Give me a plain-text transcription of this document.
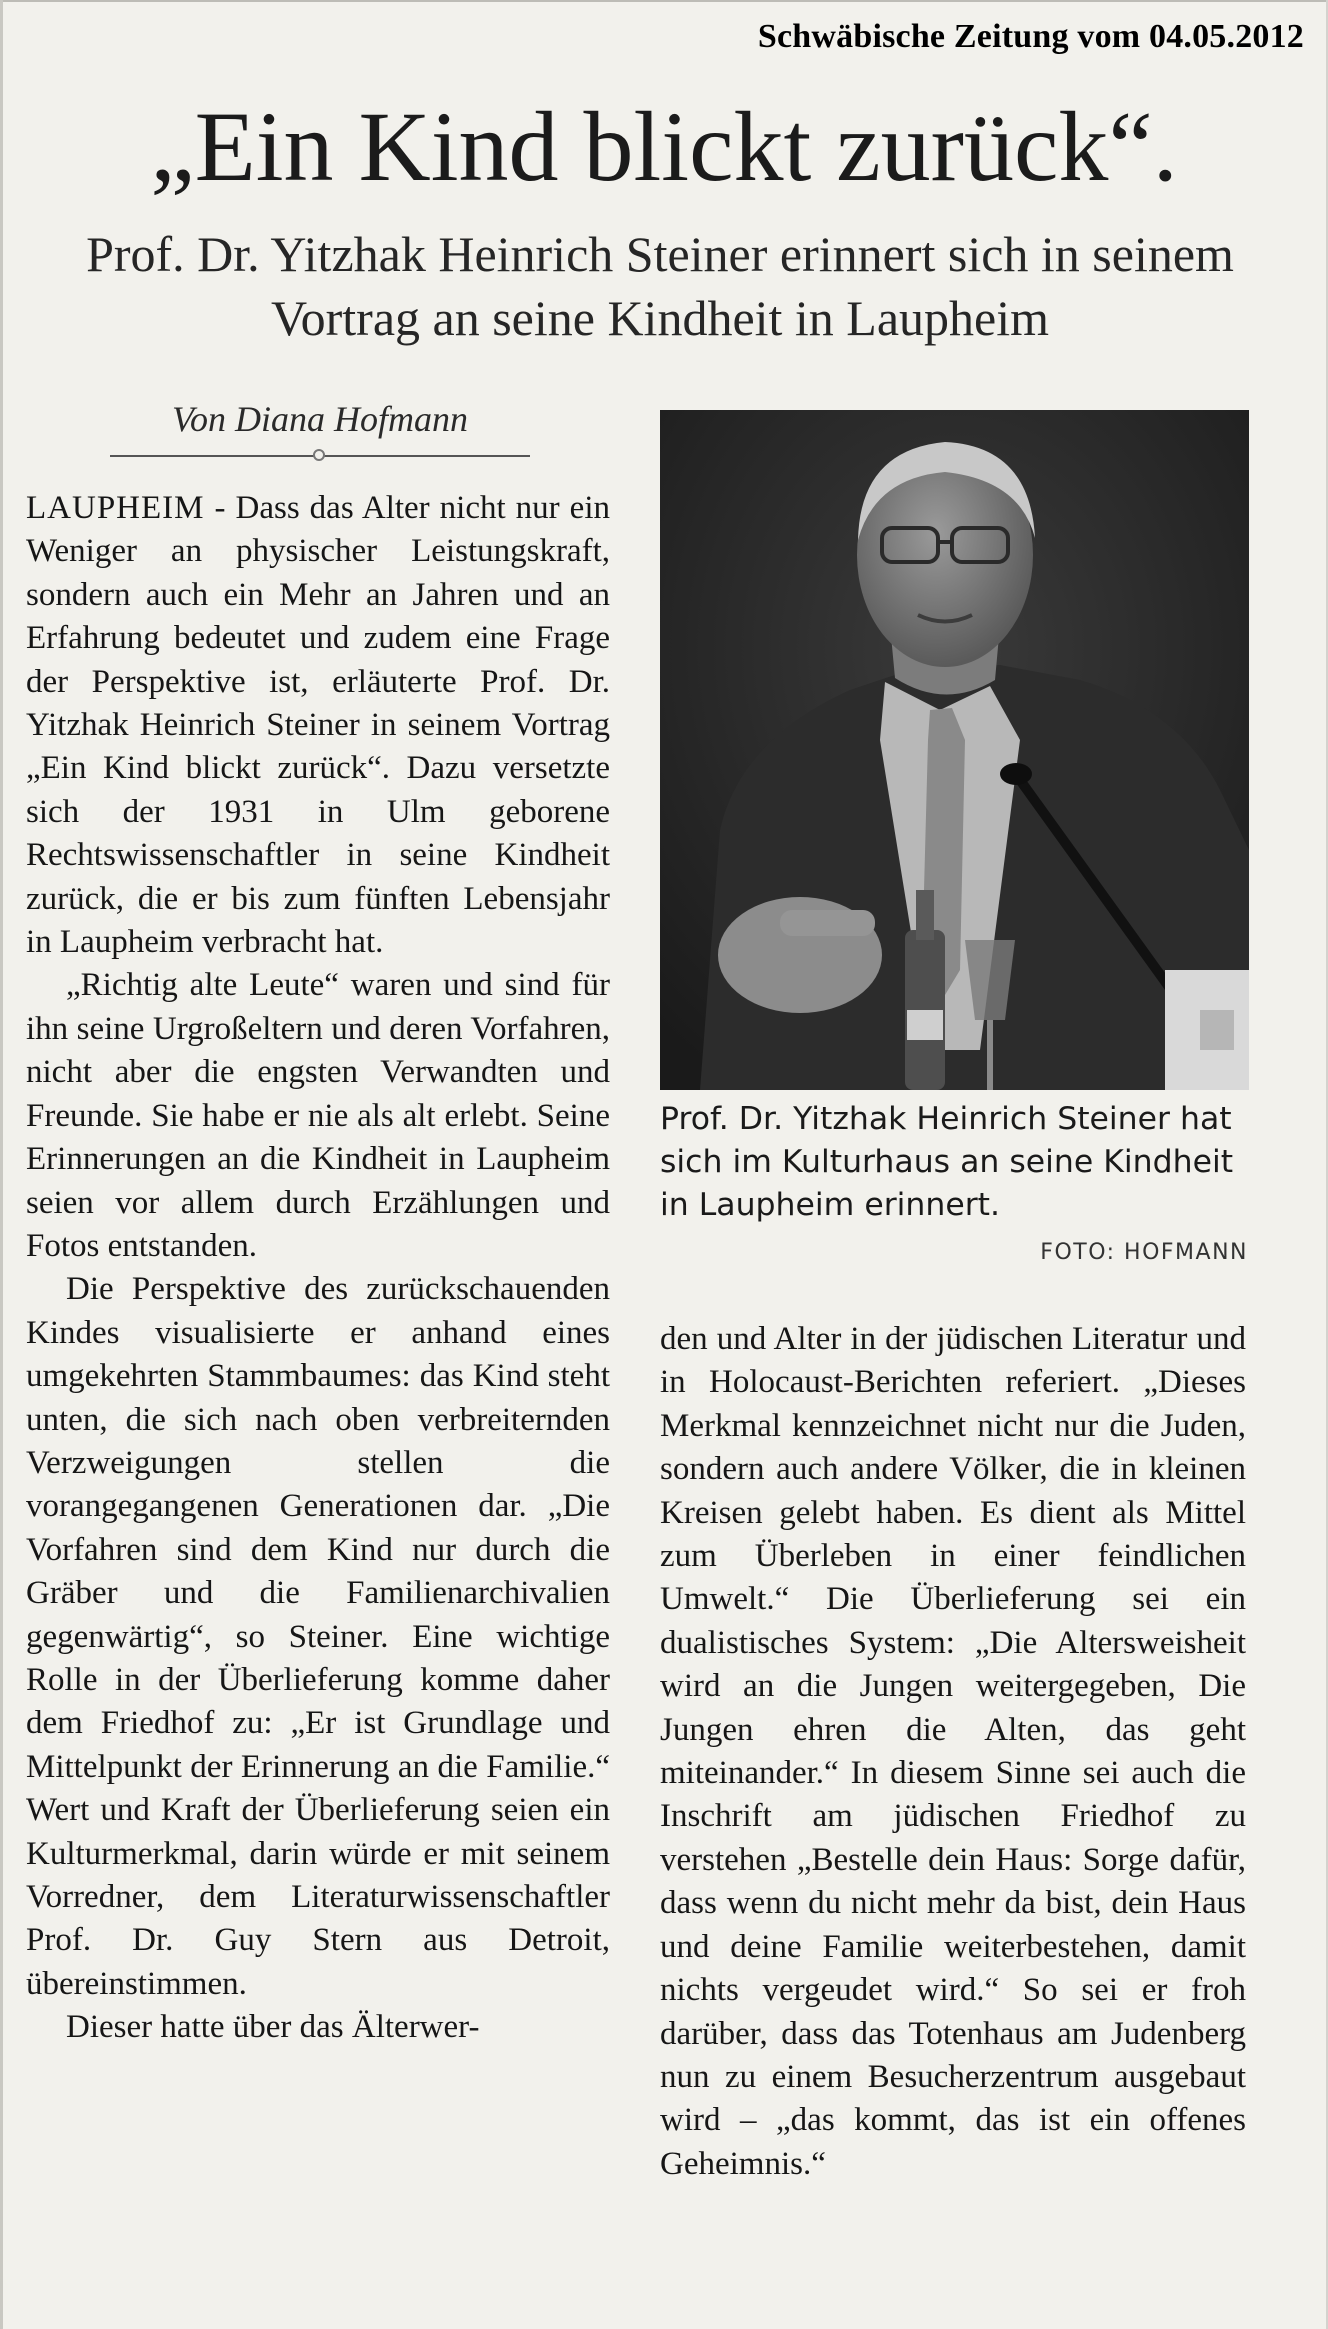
Schwäbische Zeitung vom 04.05.2012
„Ein Kind blickt zurück“.
Prof. Dr. Yitzhak Heinrich Steiner erinnert sich in seinem Vortrag an seine Kindheit in Laupheim
Von Diana Hofmann

LAUPHEIM - Dass das Alter nicht nur ein Weniger an physischer Leistungskraft, sondern auch ein Mehr an Jahren und an Erfahrung bedeutet und zudem eine Frage der Perspektive ist, erläuterte Prof. Dr. Yitzhak Heinrich Steiner in seinem Vortrag „Ein Kind blickt zurück“. Dazu versetzte sich der 1931 in Ulm geborene Rechtswissenschaftler in seine Kindheit zurück, die er bis zum fünften Lebensjahr in Laupheim verbracht hat.

„Richtig alte Leute“ waren und sind für ihn seine Urgroßeltern und deren Vorfahren, nicht aber die engsten Verwandten und Freunde. Sie habe er nie als alt erlebt. Seine Erinnerungen an die Kindheit in Laupheim seien vor allem durch Erzählungen und Fotos entstanden.

Die Perspektive des zurückschauenden Kindes visualisierte er anhand eines umgekehrten Stammbaumes: das Kind steht unten, die sich nach oben verbreiternden Verzweigungen stellen die vorangegangenen Generationen dar. „Die Vorfahren sind dem Kind nur durch die Gräber und die Familienarchivalien gegenwärtig“, so Steiner. Eine wichtige Rolle in der Überlieferung komme daher dem Friedhof zu: „Er ist Grundlage und Mittelpunkt der Erinnerung an die Familie.“ Wert und Kraft der Überlieferung seien ein Kulturmerkmal, darin würde er mit seinem Vorredner, dem Literaturwissenschaftler Prof. Dr. Guy Stern aus Detroit, übereinstimmen.

Dieser hatte über das Älterwer-

Prof. Dr. Yitzhak Heinrich Steiner hat sich im Kulturhaus an seine Kindheit in Laupheim erinnert.
FOTO: HOFMANN

den und Alter in der jüdischen Literatur und in Holocaust-Berichten referiert. „Dieses Merkmal kennzeichnet nicht nur die Juden, sondern auch andere Völker, die in kleinen Kreisen gelebt haben. Es dient als Mittel zum Überleben in einer feindlichen Umwelt.“ Die Überlieferung sei ein dualistisches System: „Die Altersweisheit wird an die Jungen weitergegeben, Die Jungen ehren die Alten, das geht miteinander.“ In diesem Sinne sei auch die Inschrift am jüdischen Friedhof zu verstehen „Bestelle dein Haus: Sorge dafür, dass wenn du nicht mehr da bist, dein Haus und deine Familie weiterbestehen, damit nichts vergeudet wird.“ So sei er froh darüber, dass das Totenhaus am Judenberg nun zu einem Besucherzentrum ausgebaut wird – „das kommt, das ist ein offenes Geheimnis.“
